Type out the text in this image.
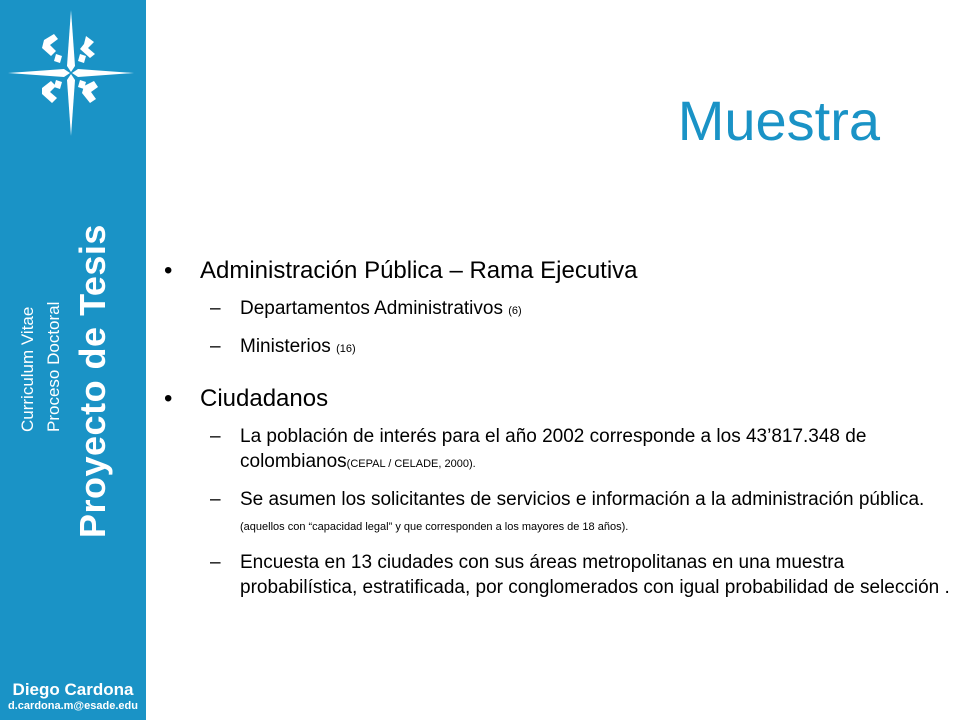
Curriculum Vitae Proceso Doctoral Proyecto de Tesis
Diego Cardona
d.cardona.m@esade.edu
Muestra
• Administración Pública – Rama Ejecutiva
– Departamentos Administrativos (6)
– Ministerios (16)
• Ciudadanos
– La población de interés para el año 2002 corresponde a los 43’817.348 de colombianos(CEPAL / CELADE, 2000).
– Se asumen los solicitantes de servicios e información a la administración pública. (aquellos con “capacidad legal” y que corresponden a los mayores de 18 años).
– Encuesta en 13 ciudades con sus áreas metropolitanas en una muestra probabilística, estratificada, por conglomerados con igual probabilidad de selección .
